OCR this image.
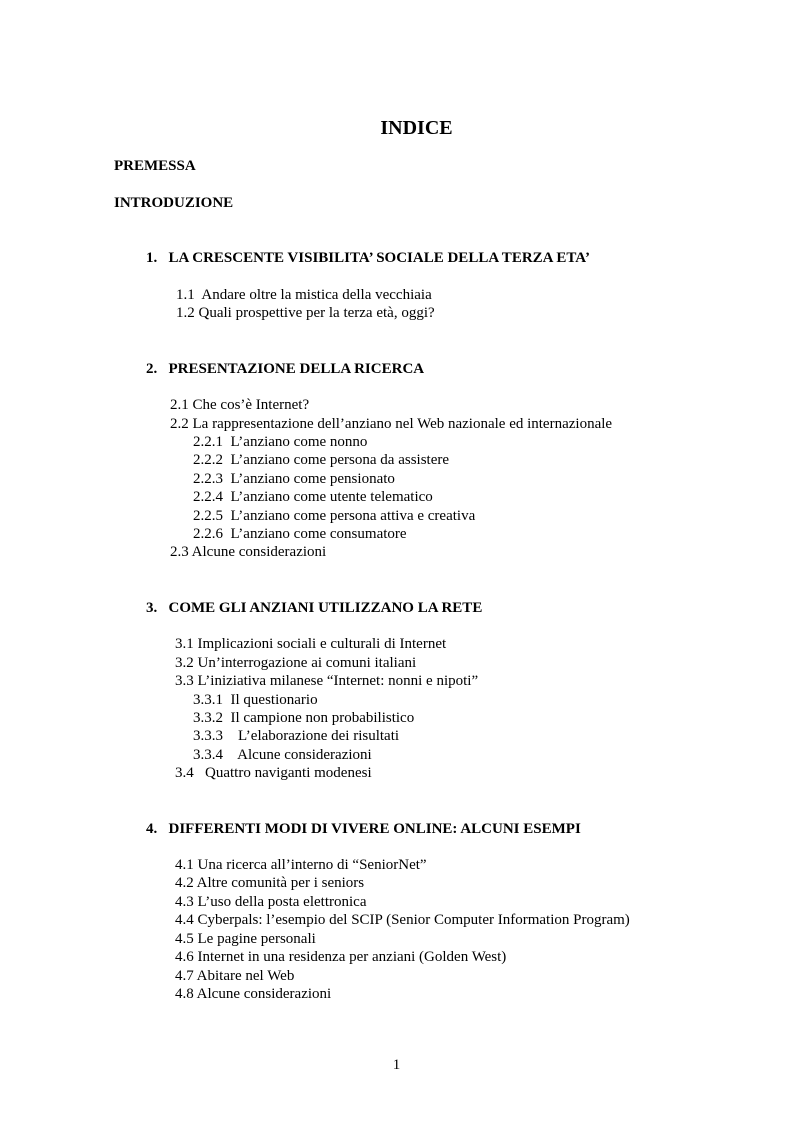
INDICE
PREMESSA
INTRODUZIONE
1.   LA CRESCENTE VISIBILITA’ SOCIALE DELLA TERZA ETA’
1.1  Andare oltre la mistica della vecchiaia
1.2 Quali prospettive per la terza età, oggi?
2.   PRESENTAZIONE DELLA RICERCA
2.1 Che cos’è Internet?
2.2 La rappresentazione dell’anziano nel Web nazionale ed internazionale
2.2.1  L’anziano come nonno
2.2.2  L’anziano come persona da assistere
2.2.3  L’anziano come pensionato
2.2.4  L’anziano come utente telematico
2.2.5  L’anziano come persona attiva e creativa
2.2.6  L’anziano come consumatore
2.3 Alcune considerazioni
3.   COME GLI ANZIANI UTILIZZANO LA RETE
3.1 Implicazioni sociali e culturali di Internet
3.2 Un’interrogazione ai comuni italiani
3.3 L’iniziativa milanese “Internet: nonni e nipoti”
3.3.1  Il questionario
3.3.2  Il campione non probabilistico
3.3.3    L’elaborazione dei risultati
3.3.4    Alcune considerazioni
3.4   Quattro naviganti modenesi
4.   DIFFERENTI MODI DI VIVERE ONLINE: ALCUNI ESEMPI
4.1 Una ricerca all’interno di “SeniorNet”
4.2 Altre comunità per i seniors
4.3 L’uso della posta elettronica
4.4 Cyberpals: l’esempio del SCIP (Senior Computer Information Program)
4.5 Le pagine personali
4.6 Internet in una residenza per anziani (Golden West)
4.7 Abitare nel Web
4.8 Alcune considerazioni
1
